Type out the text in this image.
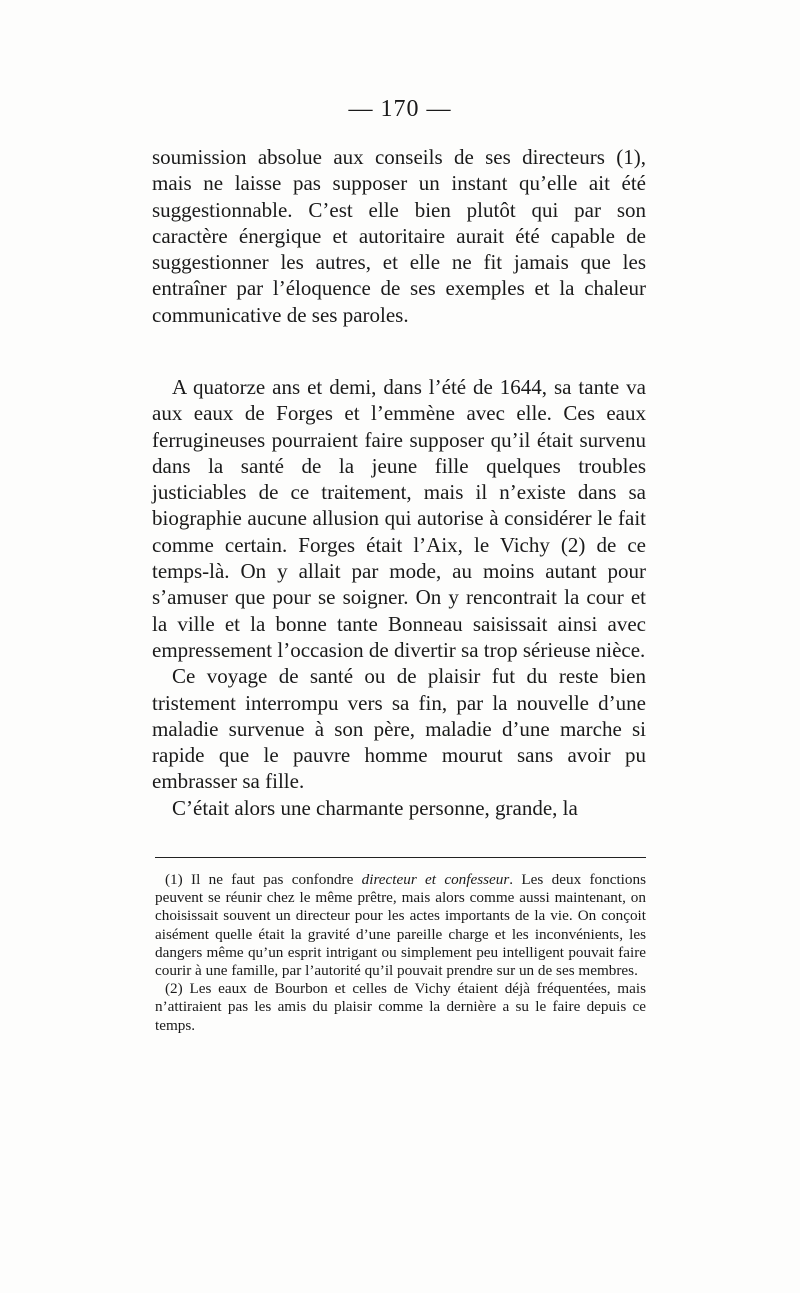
— 170 —

soumission absolue aux conseils de ses directeurs (1), mais ne laisse pas supposer un instant qu’elle ait été suggestionnable. C’est elle bien plutôt qui par son caractère énergique et autoritaire aurait été capable de suggestionner les autres, et elle ne fit jamais que les entraîner par l’éloquence de ses exemples et la chaleur communicative de ses paroles.

A quatorze ans et demi, dans l’été de 1644, sa tante va aux eaux de Forges et l’emmène avec elle. Ces eaux ferrugineuses pourraient faire supposer qu’il était survenu dans la santé de la jeune fille quelques troubles justiciables de ce traitement, mais il n’existe dans sa biographie aucune allusion qui autorise à considérer le fait comme certain. Forges était l’Aix, le Vichy (2) de ce temps-là. On y allait par mode, au moins autant pour s’amuser que pour se soigner. On y rencontrait la cour et la ville et la bonne tante Bonneau saisissait ainsi avec empressement l’occasion de divertir sa trop sérieuse nièce.

Ce voyage de santé ou de plaisir fut du reste bien tristement interrompu vers sa fin, par la nouvelle d’une maladie survenue à son père, maladie d’une marche si rapide que le pauvre homme mourut sans avoir pu embrasser sa fille.

C’était alors une charmante personne, grande, la

(1) Il ne faut pas confondre directeur et confesseur. Les deux fonctions peuvent se réunir chez le même prêtre, mais alors comme aussi maintenant, on choisissait souvent un directeur pour les actes importants de la vie. On conçoit aisément quelle était la gravité d’une pareille charge et les inconvénients, les dangers même qu’un esprit intrigant ou simplement peu intelligent pouvait faire courir à une famille, par l’autorité qu’il pouvait prendre sur un de ses membres.

(2) Les eaux de Bourbon et celles de Vichy étaient déjà fréquentées, mais n’attiraient pas les amis du plaisir comme la dernière a su le faire depuis ce temps.
